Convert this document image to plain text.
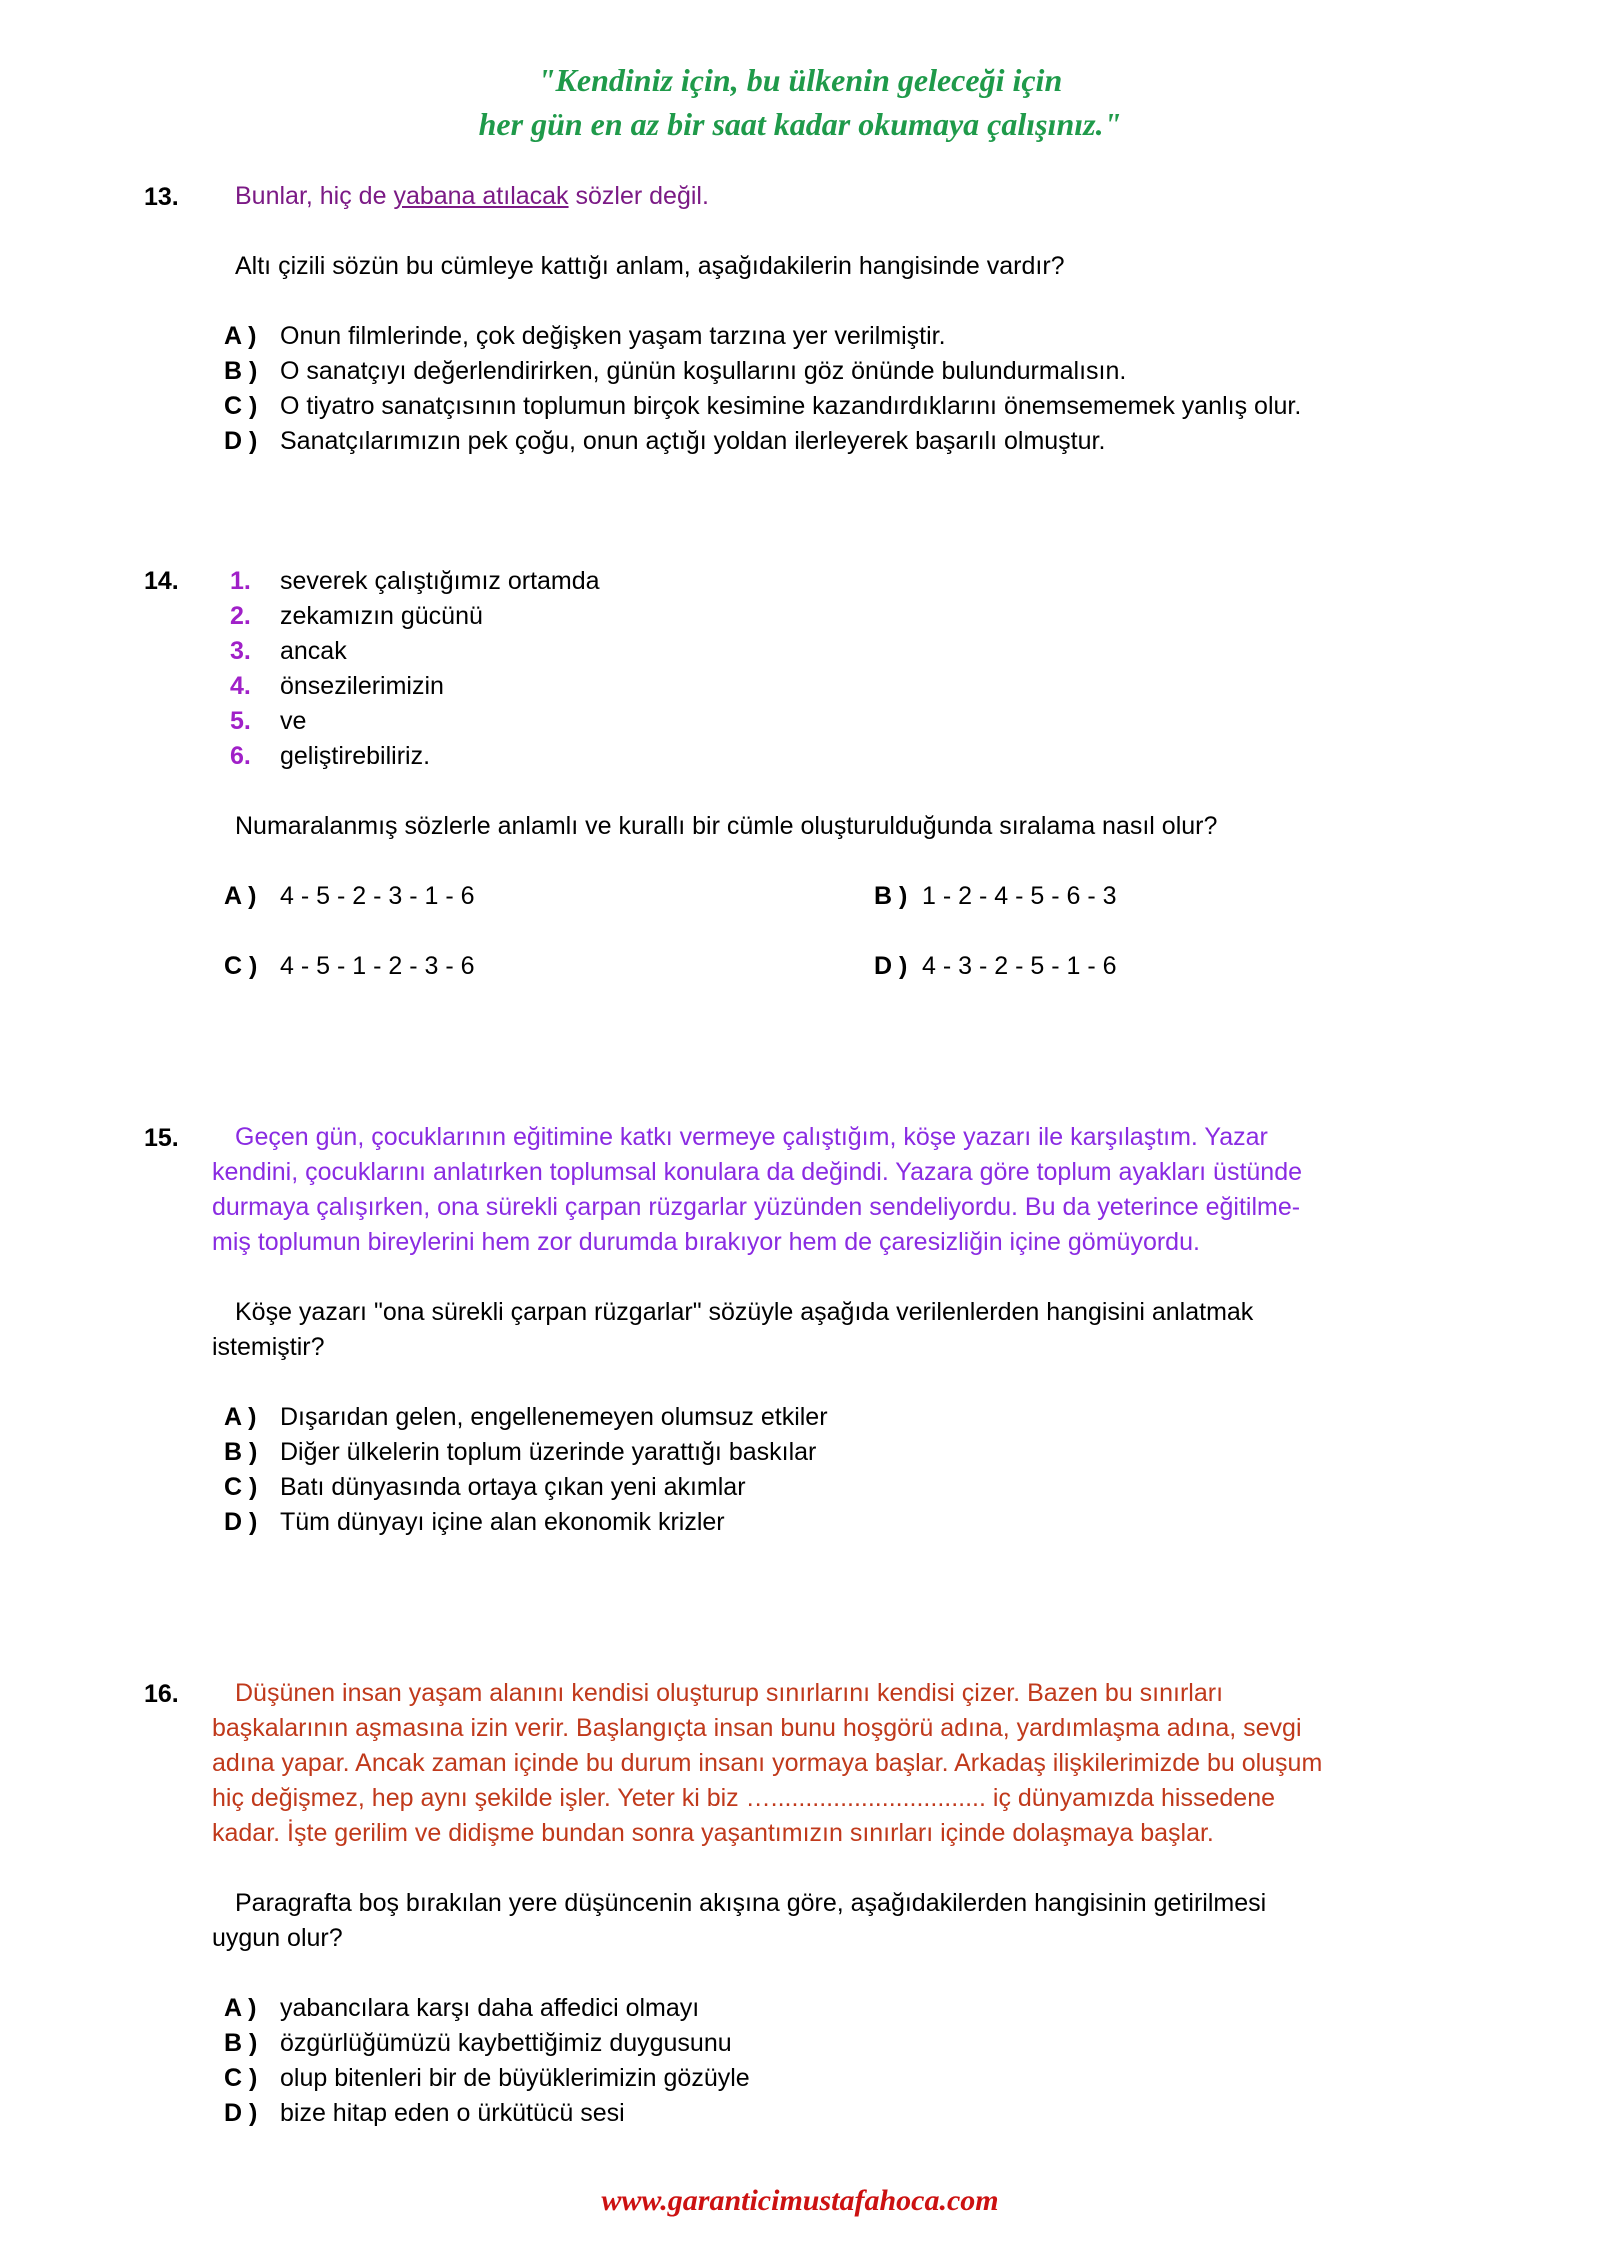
"Kendiniz için, bu ülkenin geleceği için
her gün en az bir saat kadar okumaya çalışınız."
13. Bunlar, hiç de yabana atılacak sözler değil.
Altı çizili sözün bu cümleye kattığı anlam, aşağıdakilerin hangisinde vardır?
A ) Onun filmlerinde, çok değişken yaşam tarzına yer verilmiştir.
B ) O sanatçıyı değerlendirirken, günün koşullarını göz önünde bulundurmalısın.
C ) O tiyatro sanatçısının toplumun birçok kesimine kazandırdıklarını önemsememek yanlış olur.
D ) Sanatçılarımızın pek çoğu, onun açtığı yoldan ilerleyerek başarılı olmuştur.
14. 1. severek çalıştığımız ortamda
2. zekamızın gücünü
3. ancak
4. önsezilerimizin
5. ve
6. geliştirebiliriz.
Numaralanmış sözlerle anlamlı ve kurallı bir cümle oluşturulduğunda sıralama nasıl olur?
A ) 4 - 5 - 2 - 3 - 1 - 6	B ) 1 - 2 - 4 - 5 - 6 - 3
C ) 4 - 5 - 1 - 2 - 3 - 6	D ) 4 - 3 - 2 - 5 - 1 - 6
15. Geçen gün, çocuklarının eğitimine katkı vermeye çalıştığım, köşe yazarı ile karşılaştım. Yazar
kendini, çocuklarını anlatırken toplumsal konulara da değindi. Yazara göre toplum ayakları üstünde
durmaya çalışırken, ona sürekli çarpan rüzgarlar yüzünden sendeliyordu. Bu da yeterince eğitilme-
miş toplumun bireylerini hem zor durumda bırakıyor hem de çaresizliğin içine gömüyordu.
Köşe yazarı "ona sürekli çarpan rüzgarlar" sözüyle aşağıda verilenlerden hangisini anlatmak
istemiştir?
A ) Dışarıdan gelen, engellenemeyen olumsuz etkiler
B ) Diğer ülkelerin toplum üzerinde yarattığı baskılar
C ) Batı dünyasında ortaya çıkan yeni akımlar
D ) Tüm dünyayı içine alan ekonomik krizler
16. Düşünen insan yaşam alanını kendisi oluşturup sınırlarını kendisi çizer. Bazen bu sınırları
başkalarının aşmasına izin verir. Başlangıçta insan bunu hoşgörü adına, yardımlaşma adına, sevgi
adına yapar. Ancak zaman içinde bu durum insanı yormaya başlar. Arkadaş ilişkilerimizde bu oluşum
hiç değişmez, hep aynı şekilde işler. Yeter ki biz …............................... iç dünyamızda hissedene
kadar. İşte gerilim ve didişme bundan sonra yaşantımızın sınırları içinde dolaşmaya başlar.
Paragrafta boş bırakılan yere düşüncenin akışına göre, aşağıdakilerden hangisinin getirilmesi
uygun olur?
A ) yabancılara karşı daha affedici olmayı
B ) özgürlüğümüzü kaybettiğimiz duygusunu
C ) olup bitenleri bir de büyüklerimizin gözüyle
D ) bize hitap eden o ürkütücü sesi
www.garanticimustafahoca.com
